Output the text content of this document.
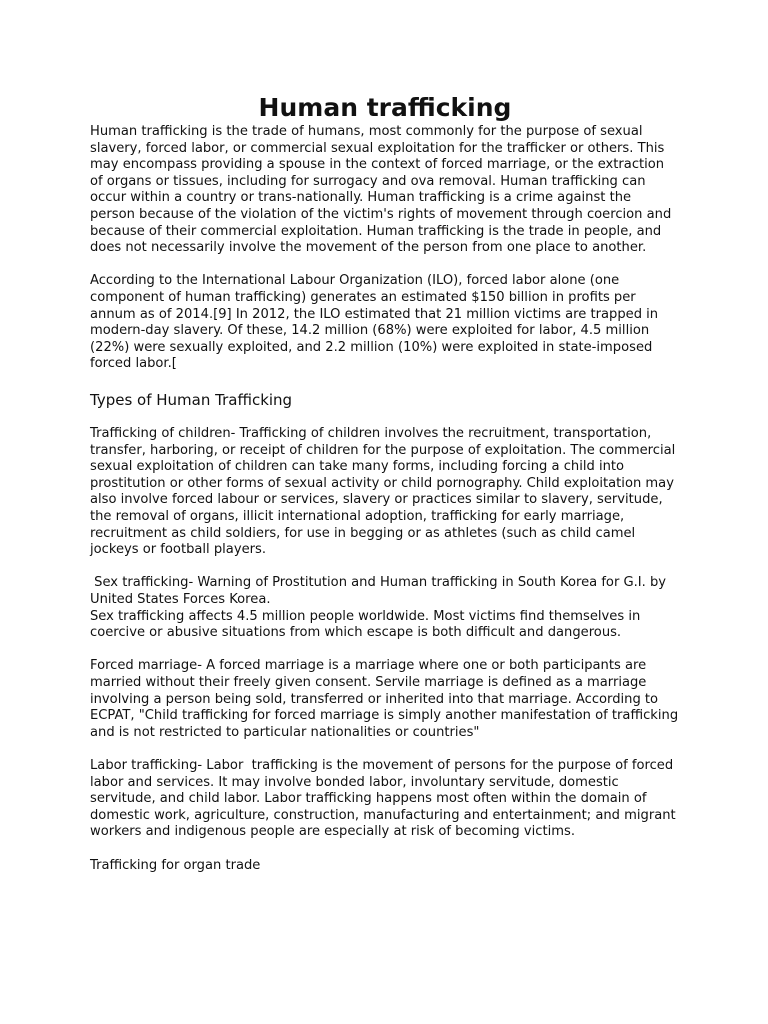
Human trafficking

Human trafficking is the trade of humans, most commonly for the purpose of sexual slavery, forced labor, or commercial sexual exploitation for the trafficker or others. This may encompass providing a spouse in the context of forced marriage, or the extraction of organs or tissues, including for surrogacy and ova removal. Human trafficking can occur within a country or trans-nationally. Human trafficking is a crime against the person because of the violation of the victim's rights of movement through coercion and because of their commercial exploitation. Human trafficking is the trade in people, and does not necessarily involve the movement of the person from one place to another.

According to the International Labour Organization (ILO), forced labor alone (one component of human trafficking) generates an estimated $150 billion in profits per annum as of 2014.[9] In 2012, the ILO estimated that 21 million victims are trapped in modern-day slavery. Of these, 14.2 million (68%) were exploited for labor, 4.5 million (22%) were sexually exploited, and 2.2 million (10%) were exploited in state-imposed forced labor.[

Types of Human Trafficking

Trafficking of children- Trafficking of children involves the recruitment, transportation, transfer, harboring, or receipt of children for the purpose of exploitation. The commercial sexual exploitation of children can take many forms, including forcing a child into prostitution or other forms of sexual activity or child pornography. Child exploitation may also involve forced labour or services, slavery or practices similar to slavery, servitude, the removal of organs, illicit international adoption, trafficking for early marriage, recruitment as child soldiers, for use in begging or as athletes (such as child camel jockeys or football players.

Sex trafficking- Warning of Prostitution and Human trafficking in South Korea for G.I. by United States Forces Korea.

Sex trafficking affects 4.5 million people worldwide. Most victims find themselves in coercive or abusive situations from which escape is both difficult and dangerous.

Forced marriage- A forced marriage is a marriage where one or both participants are married without their freely given consent. Servile marriage is defined as a marriage involving a person being sold, transferred or inherited into that marriage. According to ECPAT, "Child trafficking for forced marriage is simply another manifestation of trafficking and is not restricted to particular nationalities or countries"

Labor trafficking- Labor  trafficking is the movement of persons for the purpose of forced labor and services. It may involve bonded labor, involuntary servitude, domestic servitude, and child labor. Labor trafficking happens most often within the domain of domestic work, agriculture, construction, manufacturing and entertainment; and migrant workers and indigenous people are especially at risk of becoming victims.

Trafficking for organ trade
